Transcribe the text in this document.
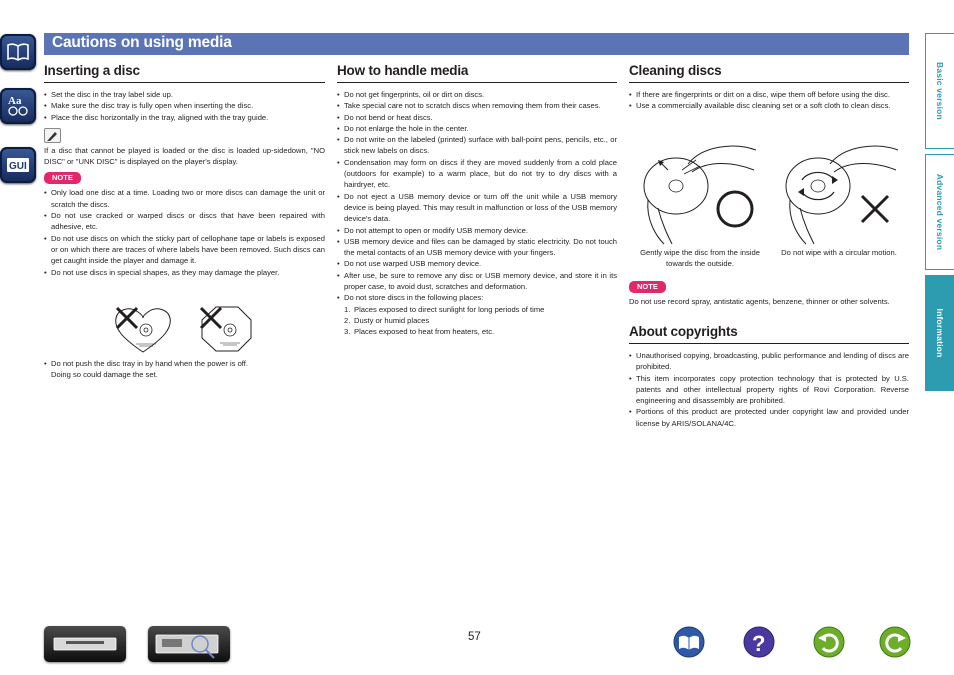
Aa
GUI
Cautions on using media
Basic version
Advanced version
Information
Inserting a disc
• Set the disc in the tray label side up.
• Make sure the disc tray is fully open when inserting the disc.
• Place the disc horizontally in the tray, aligned with the tray guide.
If a disc that cannot be played is loaded or the disc is loaded up-sidedown, "NO DISC" or "UNK DISC" is displayed on the player's display.
NOTE
• Only load one disc at a time. Loading two or more discs can damage the unit or scratch the discs.
• Do not use cracked or warped discs or discs that have been repaired with adhesive, etc.
• Do not use discs on which the sticky part of cellophane tape or labels is exposed or on which there are traces of where labels have been removed. Such discs can get caught inside the player and damage it.
• Do not use discs in special shapes, as they may damage the player.
• Do not push the disc tray in by hand when the power is off.
Doing so could damage the set.
How to handle media
• Do not get fingerprints, oil or dirt on discs.
• Take special care not to scratch discs when removing them from their cases.
• Do not bend or heat discs.
• Do not enlarge the hole in the center.
• Do not write on the labeled (printed) surface with ball-point pens, pencils, etc., or stick new labels on discs.
• Condensation may form on discs if they are moved suddenly from a cold place (outdoors for example) to a warm place, but do not try to dry discs with a hairdryer, etc.
• Do not eject a USB memory device or turn off the unit while a USB memory device is being played. This may result in malfunction or loss of the USB memory device's data.
• Do not attempt to open or modify USB memory device.
• USB memory device and files can be damaged by static electricity. Do not touch the metal contacts of an USB memory device with your fingers.
• Do not use warped USB memory device.
• After use, be sure to remove any disc or USB memory device, and store it in its proper case, to avoid dust, scratches and deformation.
• Do not store discs in the following places:
1. Places exposed to direct sunlight for long periods of time
2. Dusty or humid places
3. Places exposed to heat from heaters, etc.
Cleaning discs
• If there are fingerprints or dirt on a disc, wipe them off before using the disc.
• Use a commercially available disc cleaning set or a soft cloth to clean discs.
Gently wipe the disc from the inside towards the outside.
Do not wipe with a circular motion.
NOTE
Do not use record spray, antistatic agents, benzene, thinner or other solvents.
About copyrights
• Unauthorised copying, broadcasting, public performance and lending of discs are prohibited.
• This item incorporates copy protection technology that is protected by U.S. patents and other intellectual property rights of Rovi Corporation. Reverse engineering and disassembly are prohibited.
• Portions of this product are protected under copyright law and provided under license by ARIS/SOLANA/4C.
57	?
